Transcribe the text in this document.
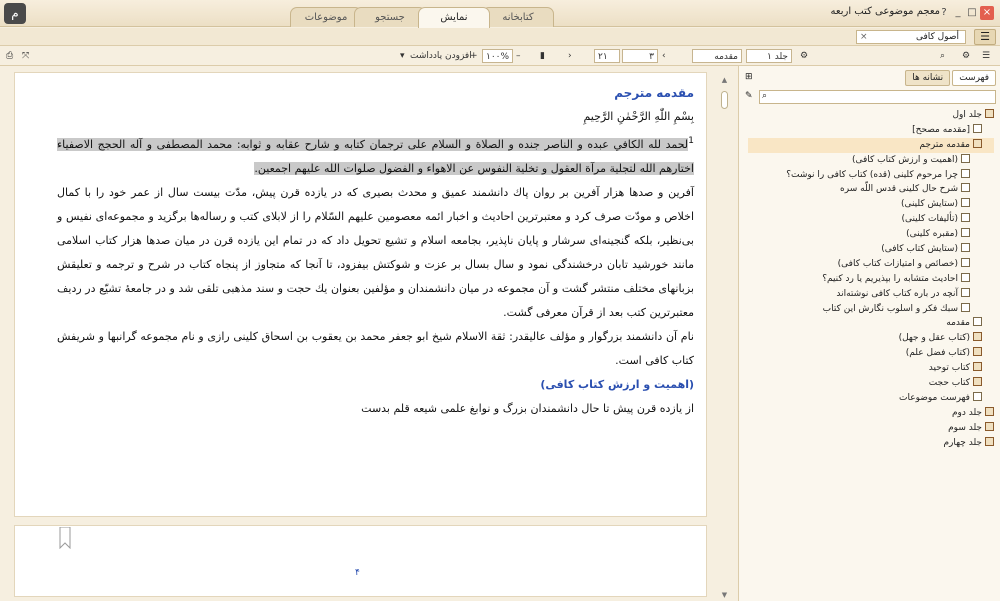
م	موضوعات	جستجو	نمایش	کتابخانه
معجم موضوعی کتب اربعه ? _ □ ×
أصول کافی
×	☰
⎙ ⤧	▾ افزودن یادداشت
+ ۱۰۰% – ▮	›	۲۱	۳ ‹	مقدمه	جلد ۱	⚙	⌕ ⚙ ☰
مقدمه مترجم
بِسْمِ اللّٰهِ الرَّحْمٰنِ الرَّحِيمِ
$^1$لحمد لله الكافي عبده و الناصر جنده و الصلاة و السلام على ترجمان كتابه و شارح عقابه و ثوابه: محمد المصطفى و آله الحجج الاصفياء اختارهم الله لتجلية مرآة العقول و تخلية النفوس عن الاهواء و الفضول صلوات الله عليهم اجمعين.
آفرين و صدها هزار آفرين بر روان پاك دانشمند عميق و محدث بصيرى كه در يازده قرن پيش، مدّت بيست سال از عمر خود را با كمال اخلاص و مودّت صرف كرد و معتبرترين احاديث و اخبار ائمه معصومين عليهم السّلام را از لابلاى كتب و رساله‌ها برگزيد و مجموعه‌اى نفيس و بى‌نظير، بلكه گنجينه‌اى سرشار و پايان ناپذير، بجامعه اسلام و تشيع تحويل داد كه در تمام اين يازده قرن در ميان صدها هزار كتاب اسلامى مانند خورشيد تابان درخشندگى نمود و سال بسال بر عزت و شوكتش بيفزود، تا آنجا كه متجاوز از پنجاه كتاب در شرح و ترجمه و تعليقش بزبانهاى مختلف منتشر گشت و آن مجموعه در ميان دانشمندان و مؤلفين بعنوان يك حجت و سند مذهبى تلقى شد و در جامعهٔ تشيّع در رديف معتبرترين كتب بعد از قرآن معرفى گشت.
نام آن دانشمند بزرگوار و مؤلف عاليقدر: ثقة الاسلام شيخ ابو جعفر محمد بن يعقوب بن اسحاق كلينى رازى و نام مجموعه گرانبها و شريفش كتاب كافى است.
(اهميت و ارزش كتاب كافى)
از يازده قرن پيش تا حال دانشمندان بزرگ و نوابغ علمى شيعه قلم بدست
۴
▲
▼
⊞	فهرست
نشانه ها
✎ ⌕
جلد اول
[مقدمه مصحح]
مقدمه مترجم
(اهميت و ارزش كتاب كافى)
چرا مرحوم كلينى (قده) كتاب كافى را نوشت؟
شرح حال كلينى قدس اللّه سره
(ستايش كلينى)
(تأليفات كلينى)
(مقبره كلينى)
(ستايش كتاب كافى)
(خصائص و امتيازات كتاب كافى)
احاديث متشابه را بپذيريم يا رد كنيم؟
آنچه در باره كتاب كافى نوشته‌اند
سبك فكر و اسلوب نگارش اين كتاب
مقدمه
(كتاب عقل و جهل)
(كتاب فضل علم)
كتاب توحيد
كتاب حجت
فهرست موضوعات
جلد دوم
جلد سوم
جلد چهارم
